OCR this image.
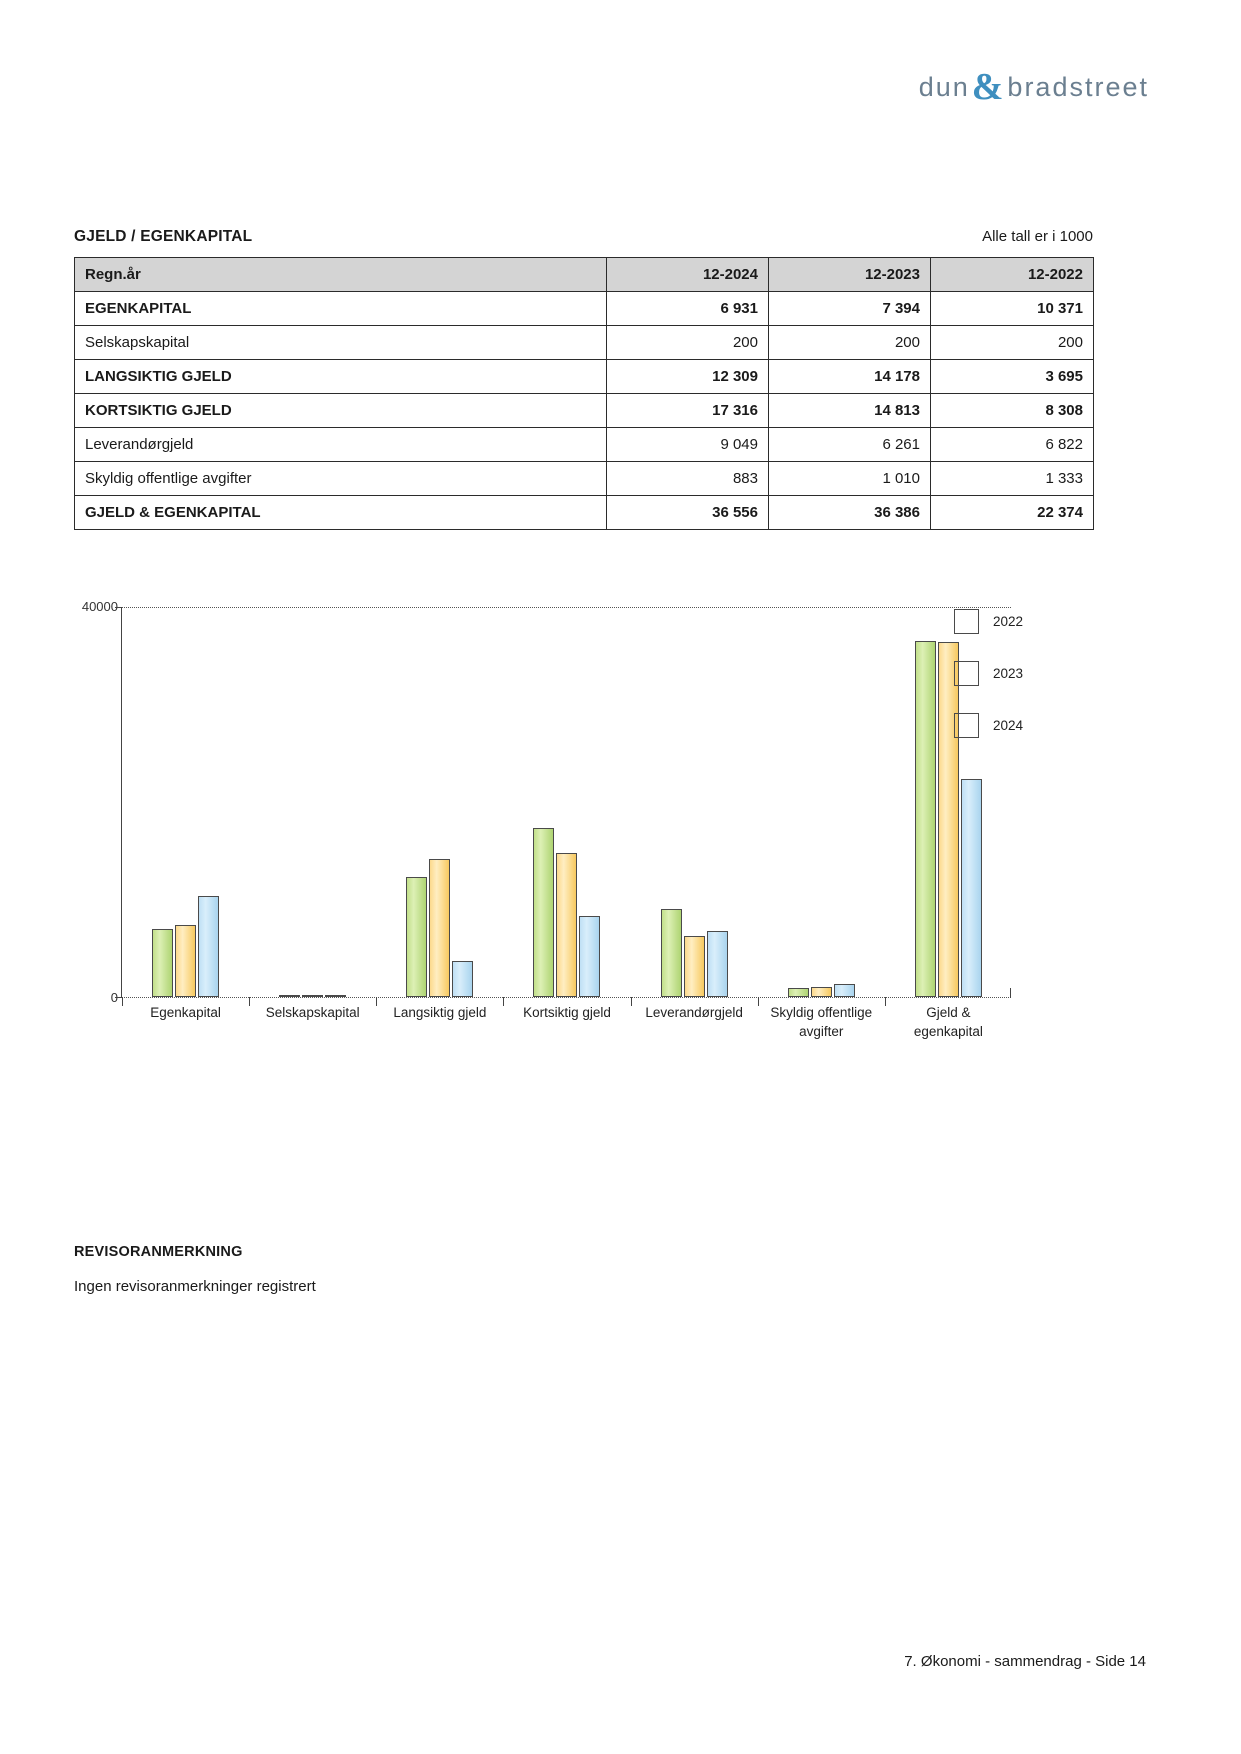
dun & bradstreet
GJELD / EGENKAPITAL	Alle tall er i 1000
Regn.år	12-2024	12-2023	12-2022
EGENKAPITAL	6 931	7 394	10 371
Selskapskapital	200	200	200
LANGSIKTIG GJELD	12 309	14 178	3 695
KORTSIKTIG GJELD	17 316	14 813	8 308
Leverandørgjeld	9 049	6 261	6 822
Skyldig offentlige avgifter	883	1 010	1 333
GJELD & EGENKAPITAL	36 556	36 386	22 374
40000
0
Egenkapital	Selskapskapital	Langsiktig gjeld	Kortsiktig gjeld	Leverandørgjeld	Skyldig offentlige
avgifter
Gjeld &
egenkapital
2022
2023
2024
REVISORANMERKNING
Ingen revisoranmerkninger registrert
7. Økonomi - sammendrag - Side 14
